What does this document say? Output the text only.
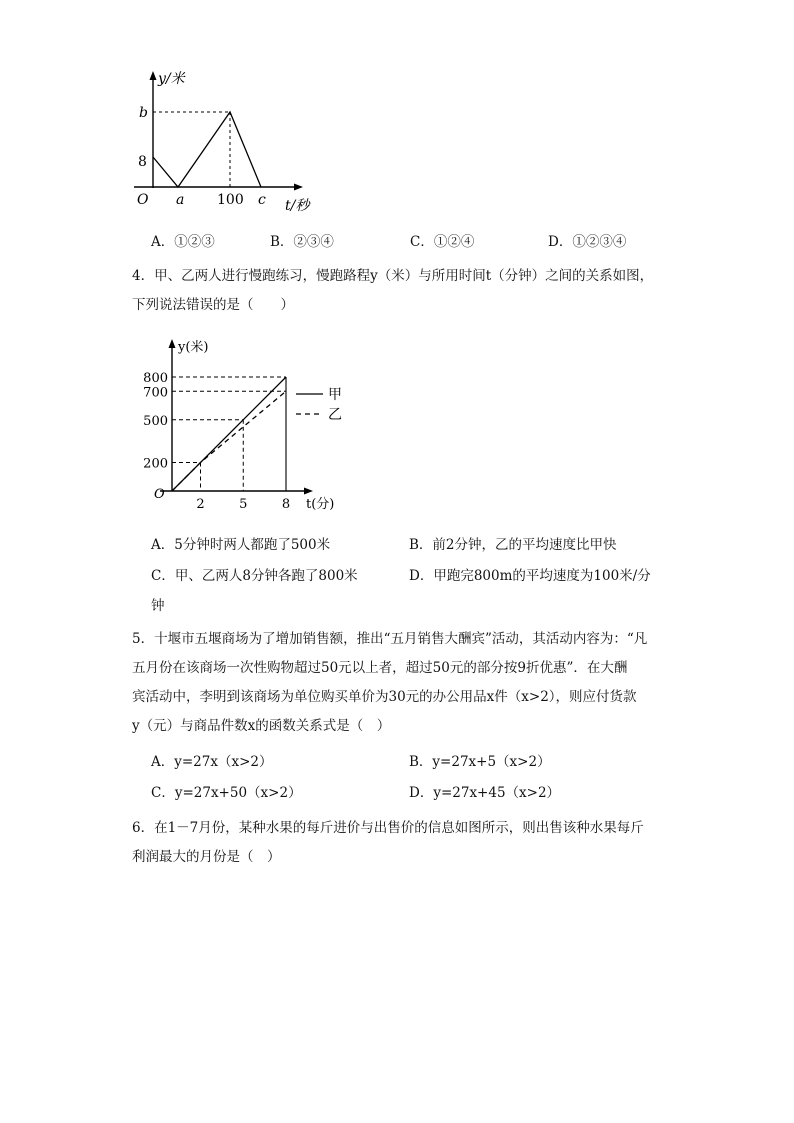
y/米
b
8
O a 100 c t/秒
A．①②③	B．②③④	C．①②④	D．①②③④
4．甲、乙两人进行慢跑练习，慢跑路程y（米）与所用时间t（分钟）之间的关系如图，
下列说法错误的是（　　）
800
700
500
200
2	5	8
y(米)
t(分)
O
甲
乙
A．5分钟时两人都跑了500米	B．前2分钟，乙的平均速度比甲快
C．甲、乙两人8分钟各跑了800米	D．甲跑完800m的平均速度为100米/分
钟
5．十堰市五堰商场为了增加销售额，推出“五月销售大酬宾”活动，其活动内容为：“凡
五月份在该商场一次性购物超过50元以上者，超过50元的部分按9折优惠”．在大酬
宾活动中，李明到该商场为单位购买单价为30元的办公用品x件（x>2），则应付货款
y（元）与商品件数x的函数关系式是（　）
A．y=27x（x>2）	B．y=27x+5（x>2）
C．y=27x+50（x>2）	D．y=27x+45（x>2）
6．在1－7月份，某种水果的每斤进价与出售价的信息如图所示，则出售该种水果每斤
利润最大的月份是（　）
